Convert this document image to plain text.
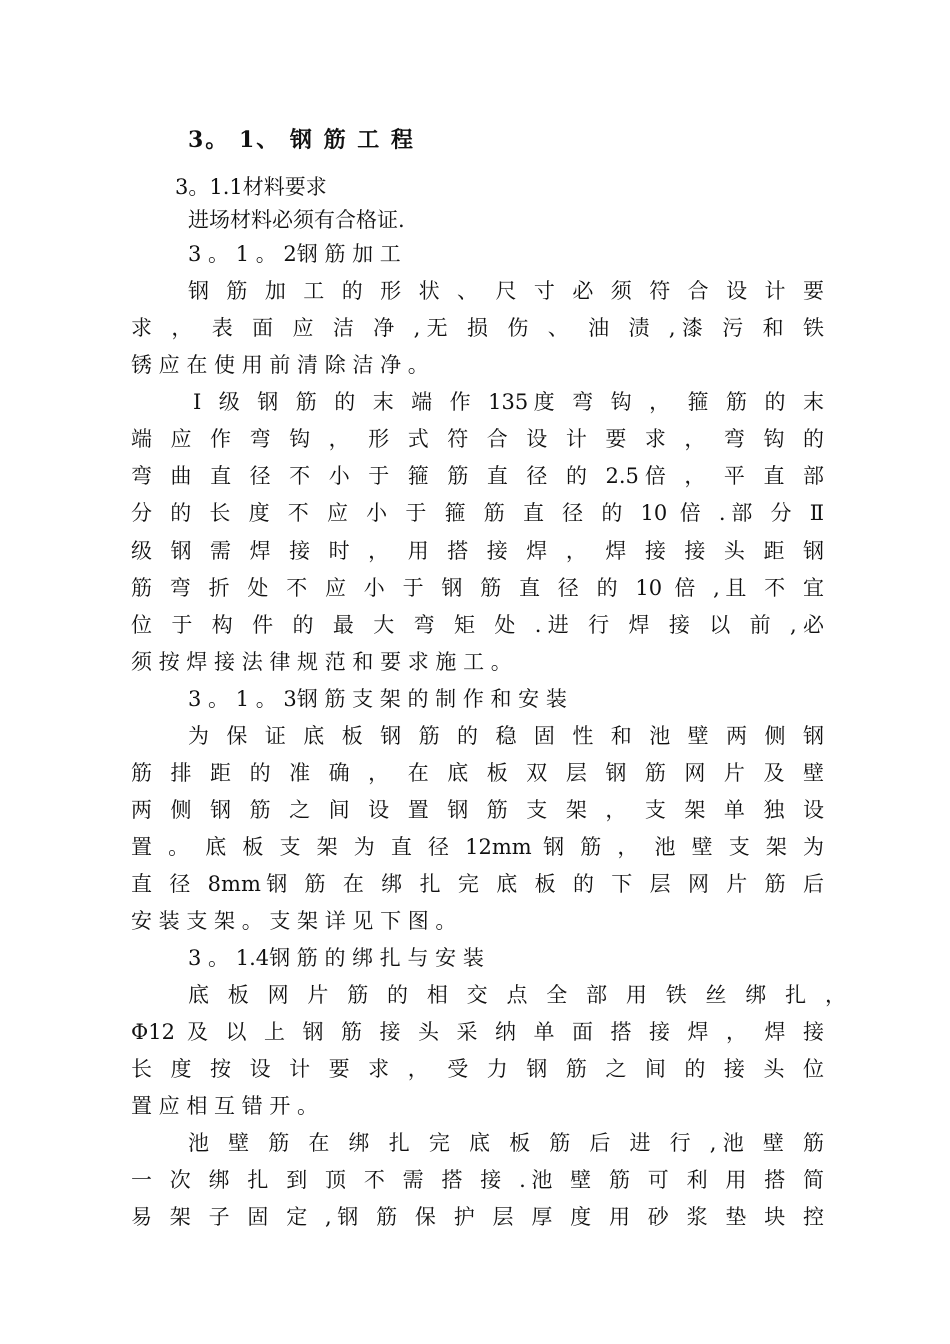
3。 1、 钢 筋 工 程
3。1.1材料要求
进场材料必须有合格证.
3 。 1 。 2钢 筋 加 工
钢 筋 加 工 的 形 状 、 尺 寸 必 须 符 合 设 计 要
求 ， 表 面 应 洁 净 ,无 损 伤 、 油 渍 ,漆 污 和 铁
锈 应 在 使 用 前 清 除 洁 净 。
Ⅰ 级 钢 筋 的 末 端 作 135度 弯 钩 ， 箍 筋 的 末
端 应 作 弯 钩 ， 形 式 符 合 设 计 要 求 ， 弯 钩 的
弯 曲 直 径 不 小 于 箍 筋 直 径 的 2.5倍 ， 平 直 部
分 的 长 度 不 应 小 于 箍 筋 直 径 的 10 倍 .部 分 Ⅱ
级 钢 需 焊 接 时 ， 用 搭 接 焊 ， 焊 接 接 头 距 钢
筋 弯 折 处 不 应 小 于 钢 筋 直 径 的 10 倍 ,且 不 宜
位 于 构 件 的 最 大 弯 矩 处 .进 行 焊 接 以 前 ,必
须 按 焊 接 法 律 规 范 和 要 求 施 工 。
3 。 1 。 3钢 筋 支 架 的 制 作 和 安 装
为 保 证 底 板 钢 筋 的 稳 固 性 和 池 壁 两 侧 钢
筋 排 距 的 准 确 ， 在 底 板 双 层 钢 筋 网 片 及 壁
两 侧 钢 筋 之 间 设 置 钢 筋 支 架 ， 支 架 单 独 设
置 。 底 板 支 架 为 直 径 12mm 钢 筋 ， 池 壁 支 架 为
直 径 8mm钢 筋 在 绑 扎 完 底 板 的 下 层 网 片 筋 后
安 装 支 架 。 支 架 详 见 下 图 。
3 。 1.4钢 筋 的 绑 扎 与 安 装
底 板 网 片 筋 的 相 交 点 全 部 用 铁 丝 绑 扎 ，
Φ12 及 以 上 钢 筋 接 头 采 纳 单 面 搭 接 焊 ， 焊 接
长 度 按 设 计 要 求 ， 受 力 钢 筋 之 间 的 接 头 位
置 应 相 互 错 开 。
池 壁 筋 在 绑 扎 完 底 板 筋 后 进 行 ,池 壁 筋
一 次 绑 扎 到 顶 不 需 搭 接 .池 壁 筋 可 利 用 搭 简
易 架 子 固 定 ,钢 筋 保 护 层 厚 度 用 砂 浆 垫 块 控
